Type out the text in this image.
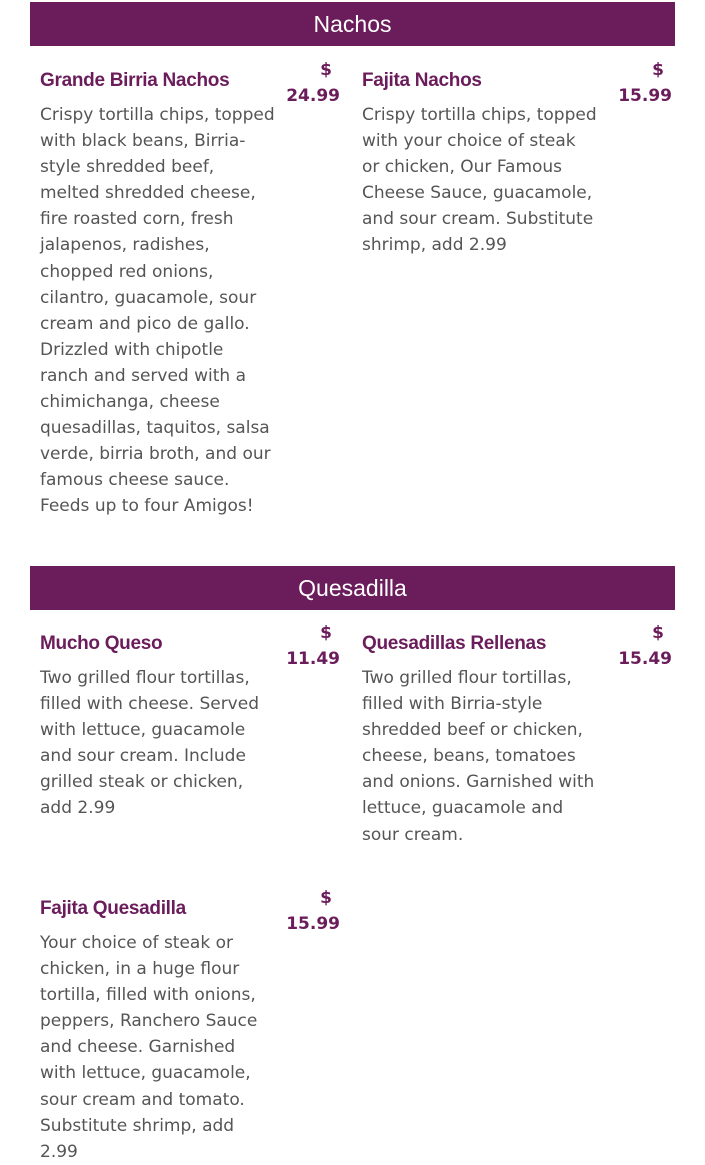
Nachos
Grande Birria Nachos	$
24.99
Crispy tortilla chips, topped with black beans, Birria-style shredded beef, melted shredded cheese, fire roasted corn, fresh jalapenos, radishes, chopped red onions, cilantro, guacamole, sour cream and pico de gallo. Drizzled with chipotle ranch and served with a chimichanga, cheese quesadillas, taquitos, salsa verde, birria broth, and our famous cheese sauce. Feeds up to four Amigos!
Fajita Nachos	$
15.99
Crispy tortilla chips, topped with your choice of steak or chicken, Our Famous Cheese Sauce, guacamole, and sour cream. Substitute shrimp, add 2.99
Quesadilla
Mucho Queso	$
11.49
Two grilled flour tortillas, filled with cheese. Served with lettuce, guacamole and sour cream. Include grilled steak or chicken, add 2.99
Quesadillas Rellenas	$
15.49
Two grilled flour tortillas, filled with Birria-style shredded beef or chicken, cheese, beans, tomatoes and onions. Garnished with lettuce, guacamole and sour cream.
Fajita Quesadilla	$
15.99
Your choice of steak or chicken, in a huge flour tortilla, filled with onions, peppers, Ranchero Sauce and cheese. Garnished with lettuce, guacamole, sour cream and tomato. Substitute shrimp, add 2.99
